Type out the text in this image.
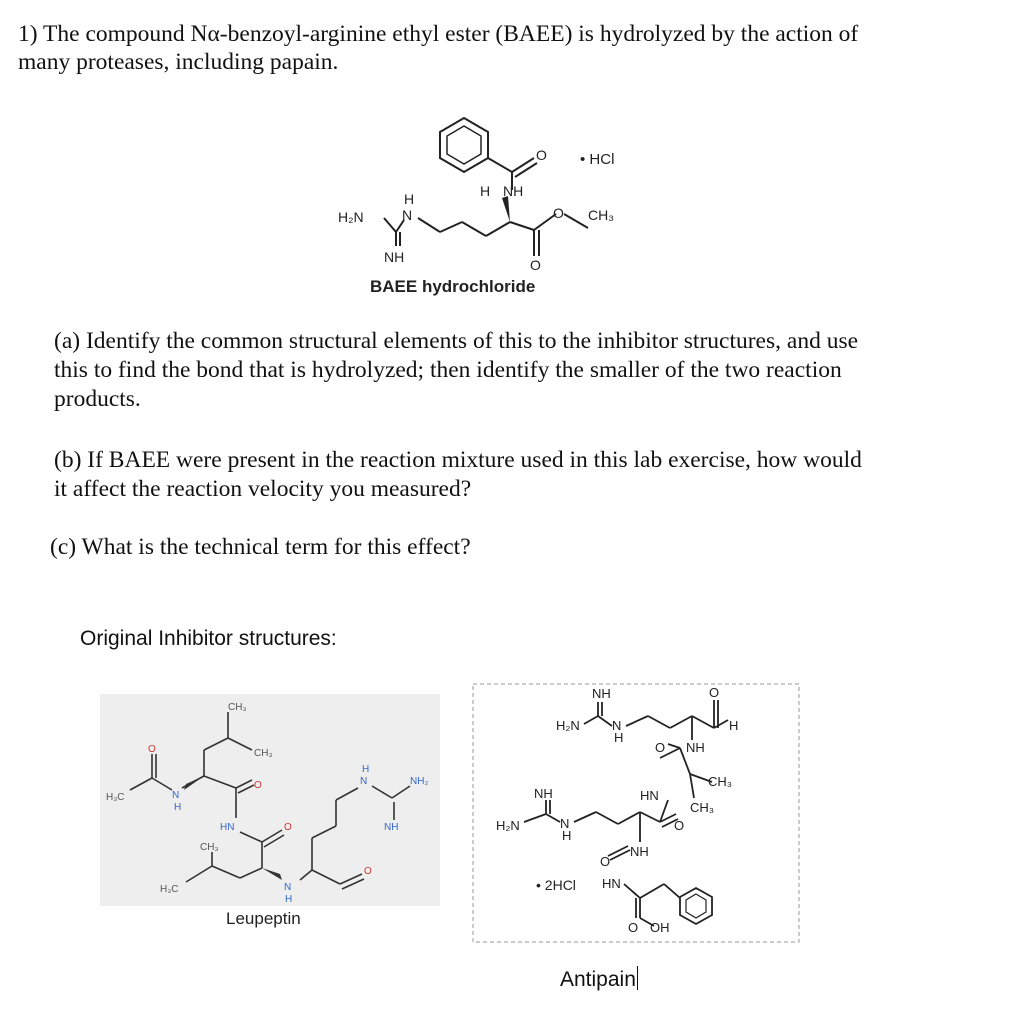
1) The compound Nα-benzoyl-arginine ethyl ester (BAEE) is hydrolyzed by the action of
many proteases, including papain.
H₂N
H
N
NH
H NH
O
O CH₃
O
• HCl
BAEE hydrochloride
(a) Identify the common structural elements of this to the inhibitor structures, and use
this to find the bond that is hydrolyzed; then identify the smaller of the two reaction
products.
(b) If BAEE were present in the reaction mixture used in this lab exercise, how would
it affect the reaction velocity you measured?
(c) What is the technical term for this effect?
Original Inhibitor structures:
CH₃
CH₃
H₃C
O
N
H
O
HN	O
CH₃
H₃C	N
H
O
H
N	NH₂
NH
Leupeptin
NH
H₂N N
H
O
H
O NH
CH₃
CH₃
HN
NH
H₂N	N
H
O
O
NH
HN
O OH
• 2HCl
Antipain
